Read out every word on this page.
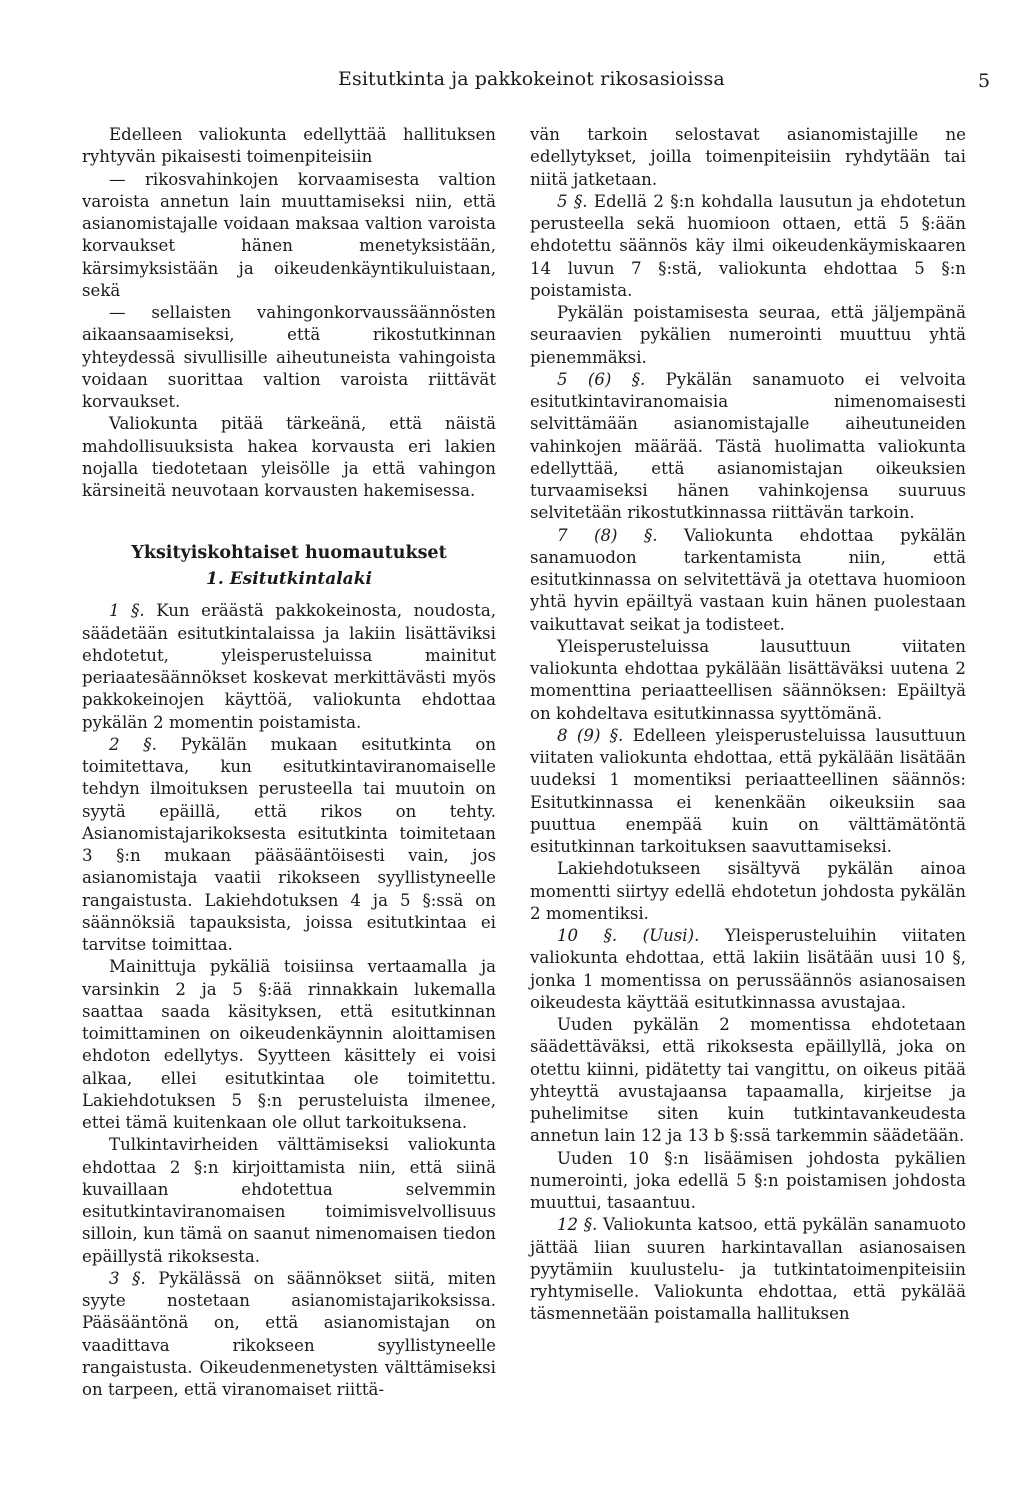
Esitutkinta ja pakkokeinot rikosasioissa	5

Edelleen valiokunta edellyttää hallituksen ryhtyvän pikaisesti toimenpiteisiin

— rikosvahinkojen korvaamisesta valtion varoista annetun lain muuttamiseksi niin, että asianomistajalle voidaan maksaa valtion varoista korvaukset hänen menetyksistään, kärsimyksistään ja oikeudenkäyntikuluistaan, sekä

— sellaisten vahingonkorvaussäännösten aikaansaamiseksi, että rikostutkinnan yhteydessä sivullisille aiheutuneista vahingoista voidaan suorittaa valtion varoista riittävät korvaukset.

Valiokunta pitää tärkeänä, että näistä mahdollisuuksista hakea korvausta eri lakien nojalla tiedotetaan yleisölle ja että vahingon kärsineitä neuvotaan korvausten hakemisessa.

Yksityiskohtaiset huomautukset
1. Esitutkintalaki

1 §. Kun eräästä pakkokeinosta, noudosta, säädetään esitutkintalaissa ja lakiin lisättäviksi ehdotetut, yleisperusteluissa mainitut periaatesäännökset koskevat merkittävästi myös pakkokeinojen käyttöä, valiokunta ehdottaa pykälän 2 momentin poistamista.

2 §. Pykälän mukaan esitutkinta on toimitettava, kun esitutkintaviranomaiselle tehdyn ilmoituksen perusteella tai muutoin on syytä epäillä, että rikos on tehty. Asianomistajarikoksesta esitutkinta toimitetaan 3 §:n mukaan pääsääntöisesti vain, jos asianomistaja vaatii rikokseen syyllistyneelle rangaistusta. Lakiehdotuksen 4 ja 5 §:ssä on säännöksiä tapauksista, joissa esitutkintaa ei tarvitse toimittaa.

Mainittuja pykäliä toisiinsa vertaamalla ja varsinkin 2 ja 5 §:ää rinnakkain lukemalla saattaa saada käsityksen, että esitutkinnan toimittaminen on oikeudenkäynnin aloittamisen ehdoton edellytys. Syytteen käsittely ei voisi alkaa, ellei esitutkintaa ole toimitettu. Lakiehdotuksen 5 §:n perusteluista ilmenee, ettei tämä kuitenkaan ole ollut tarkoituksena.

Tulkintavirheiden välttämiseksi valiokunta ehdottaa 2 §:n kirjoittamista niin, että siinä kuvaillaan ehdotettua selvemmin esitutkintaviranomaisen toimimisvelvollisuus silloin, kun tämä on saanut nimenomaisen tiedon epäillystä rikoksesta.

3 §. Pykälässä on säännökset siitä, miten syyte nostetaan asianomistajarikoksissa. Pääsääntönä on, että asianomistajan on vaadittava rikokseen syyllistyneelle rangaistusta. Oikeudenmenetysten välttämiseksi on tarpeen, että viranomaiset riittä-

vän tarkoin selostavat asianomistajille ne edellytykset, joilla toimenpiteisiin ryhdytään tai niitä jatketaan.

5 §. Edellä 2 §:n kohdalla lausutun ja ehdotetun perusteella sekä huomioon ottaen, että 5 §:ään ehdotettu säännös käy ilmi oikeudenkäymiskaaren 14 luvun 7 §:stä, valiokunta ehdottaa 5 §:n poistamista.

Pykälän poistamisesta seuraa, että jäljempänä seuraavien pykälien numerointi muuttuu yhtä pienemmäksi.

5 (6) §. Pykälän sanamuoto ei velvoita esitutkintaviranomaisia nimenomaisesti selvittämään asianomistajalle aiheutuneiden vahinkojen määrää. Tästä huolimatta valiokunta edellyttää, että asianomistajan oikeuksien turvaamiseksi hänen vahinkojensa suuruus selvitetään rikostutkinnassa riittävän tarkoin.

7 (8) §. Valiokunta ehdottaa pykälän sanamuodon tarkentamista niin, että esitutkinnassa on selvitettävä ja otettava huomioon yhtä hyvin epäiltyä vastaan kuin hänen puolestaan vaikuttavat seikat ja todisteet.

Yleisperusteluissa lausuttuun viitaten valiokunta ehdottaa pykälään lisättäväksi uutena 2 momenttina periaatteellisen säännöksen: Epäiltyä on kohdeltava esitutkinnassa syyttömänä.

8 (9) §. Edelleen yleisperusteluissa lausuttuun viitaten valiokunta ehdottaa, että pykälään lisätään uudeksi 1 momentiksi periaatteellinen säännös: Esitutkinnassa ei kenenkään oikeuksiin saa puuttua enempää kuin on välttämätöntä esitutkinnan tarkoituksen saavuttamiseksi.

Lakiehdotukseen sisältyvä pykälän ainoa momentti siirtyy edellä ehdotetun johdosta pykälän 2 momentiksi.

10 §. (Uusi). Yleisperusteluihin viitaten valiokunta ehdottaa, että lakiin lisätään uusi 10 §, jonka 1 momentissa on perussäännös asianosaisen oikeudesta käyttää esitutkinnassa avustajaa.

Uuden pykälän 2 momentissa ehdotetaan säädettäväksi, että rikoksesta epäillyllä, joka on otettu kiinni, pidätetty tai vangittu, on oikeus pitää yhteyttä avustajaansa tapaamalla, kirjeitse ja puhelimitse siten kuin tutkintavankeudesta annetun lain 12 ja 13 b §:ssä tarkemmin säädetään.

Uuden 10 §:n lisäämisen johdosta pykälien numerointi, joka edellä 5 §:n poistamisen johdosta muuttui, tasaantuu.

12 §. Valiokunta katsoo, että pykälän sanamuoto jättää liian suuren harkintavallan asianosaisen pyytämiin kuulustelu- ja tutkintatoimenpiteisiin ryhtymiselle. Valiokunta ehdottaa, että pykälää täsmennetään poistamalla hallituksen
